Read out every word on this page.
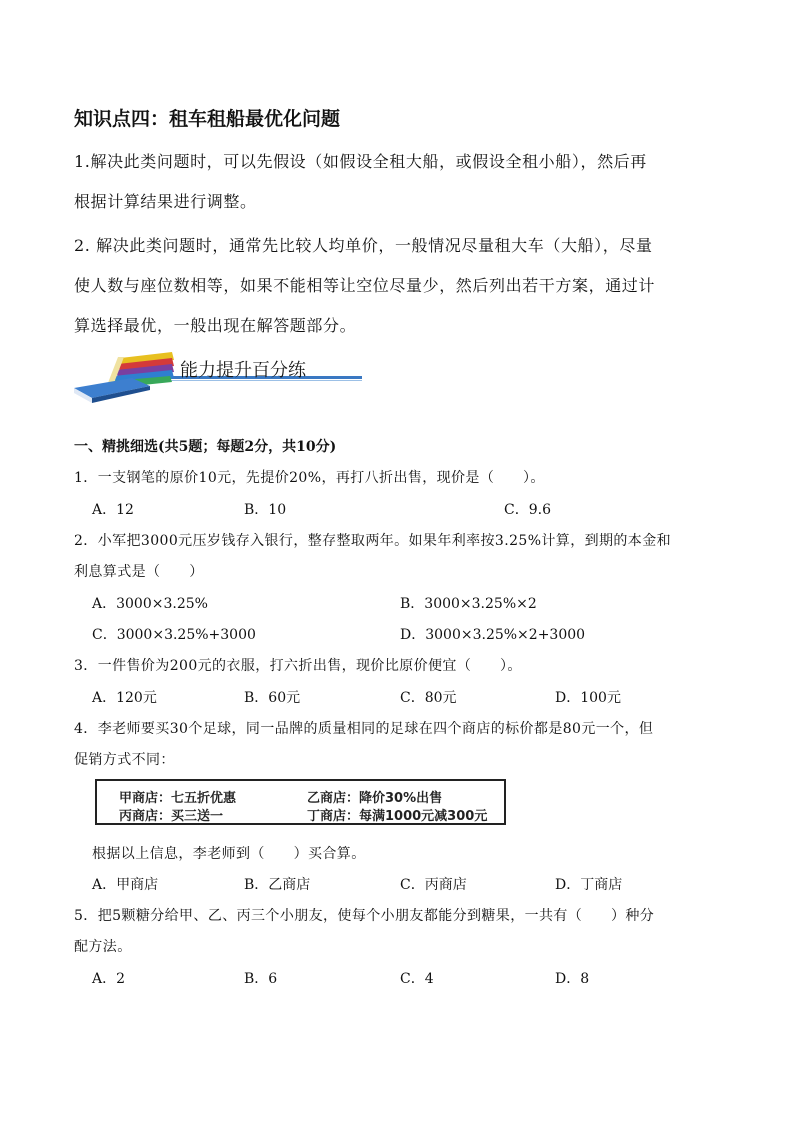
知识点四：租车租船最优化问题
1.解决此类问题时，可以先假设（如假设全租大船，或假设全租小船），然后再
根据计算结果进行调整。
2. 解决此类问题时，通常先比较人均单价，一般情况尽量租大车（大船），尽量
使人数与座位数相等，如果不能相等让空位尽量少，然后列出若干方案，通过计
算选择最优，一般出现在解答题部分。
能力提升百分练
一、精挑细选(共5题；每题2分，共10分)
1．一支钢笔的原价10元，先提价20%，再打八折出售，现价是（　　）。
A．12	B．10	C．9.6
2．小军把3000元压岁钱存入银行，整存整取两年。如果年利率按3.25%计算，到期的本金和
利息算式是（　　）
A．3000×3.25%	B．3000×3.25%×2
C．3000×3.25%+3000	D．3000×3.25%×2+3000
3．一件售价为200元的衣服，打六折出售，现价比原价便宜（　　）。
A．120元	B．60元	C．80元	D．100元
4．李老师要买30个足球，同一品牌的质量相同的足球在四个商店的标价都是80元一个，但
促销方式不同：
甲商店：七五折优惠	乙商店：降价30%出售
丙商店：买三送一	丁商店：每满1000元减300元
根据以上信息，李老师到（　　）买合算。
A．甲商店	B．乙商店	C．丙商店	D．丁商店
5．把5颗糖分给甲、乙、丙三个小朋友，使每个小朋友都能分到糖果，一共有（　　）种分
配方法。
A．2	B．6	C．4	D．8
